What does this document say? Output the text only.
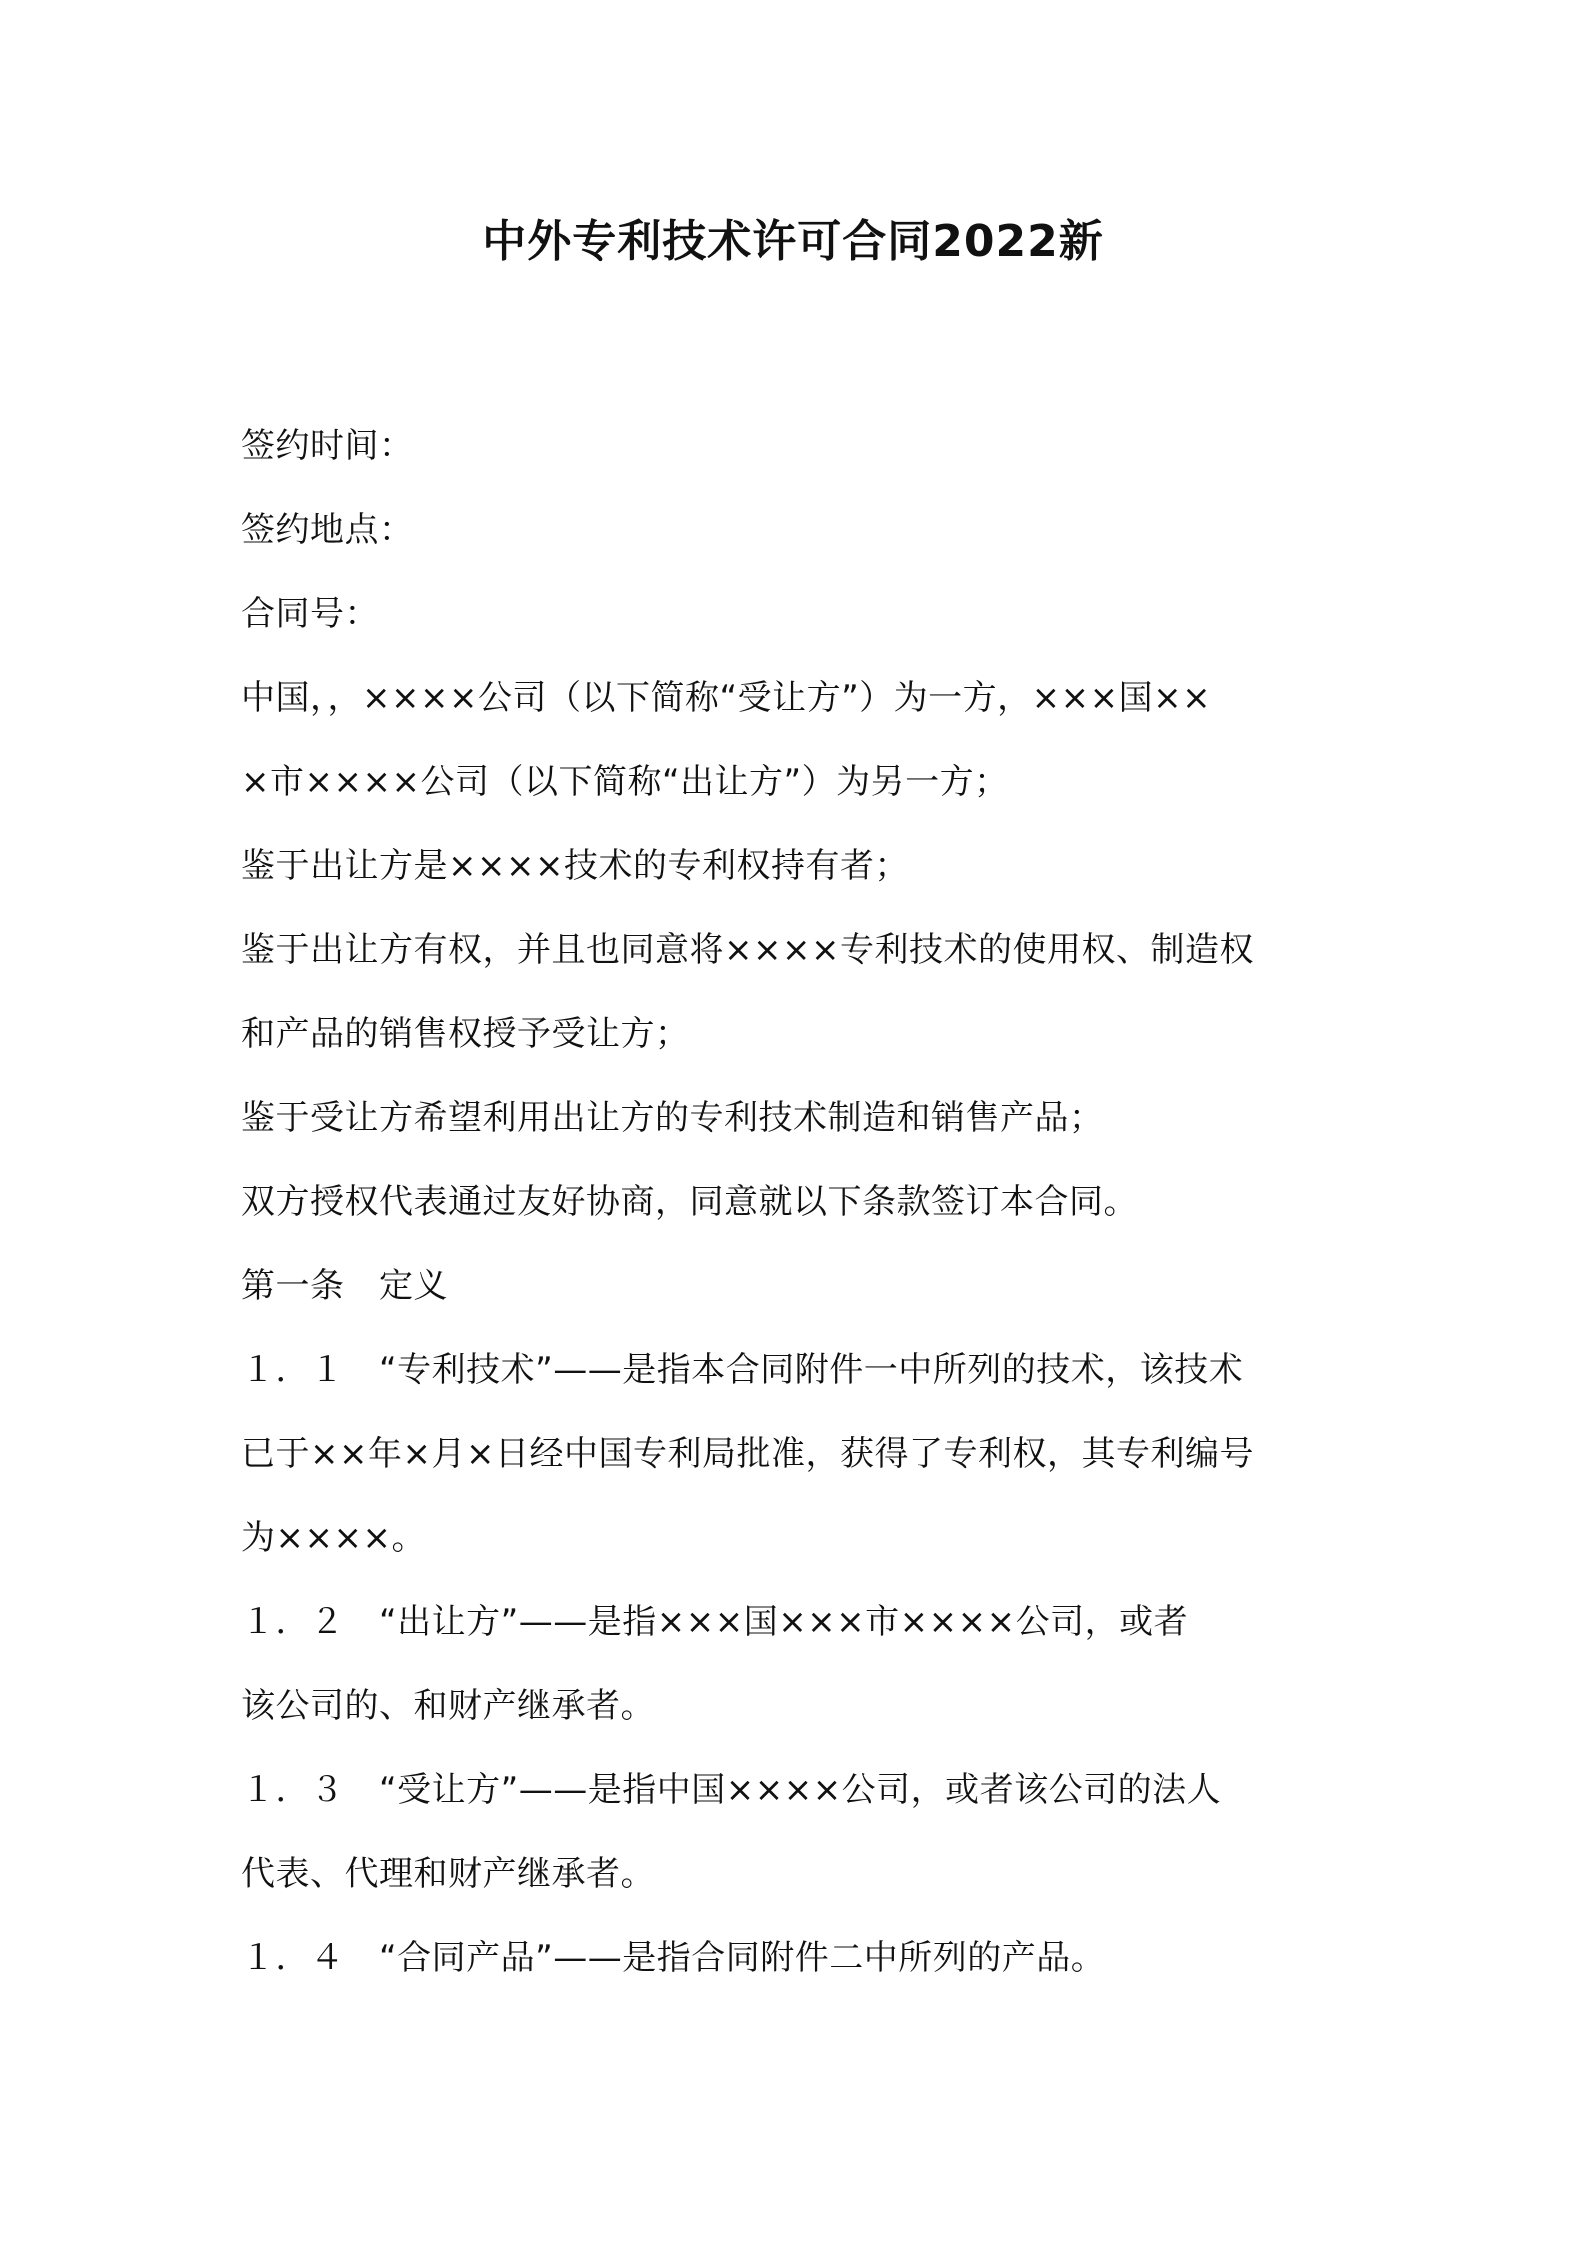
中外专利技术许可合同2022新

签约时间：

签约地点：

合同号：

中国，，××××公司（以下简称“受让方”）为一方，×××国××

×市××××公司（以下简称“出让方”）为另一方；

鉴于出让方是××××技术的专利权持有者；

鉴于出让方有权，并且也同意将××××专利技术的使用权、制造权

和产品的销售权授予受让方；

鉴于受让方希望利用出让方的专利技术制造和销售产品；

双方授权代表通过友好协商，同意就以下条款签订本合同。

第一条　定义

１．１　“专利技术”——是指本合同附件一中所列的技术，该技术

已于××年×月×日经中国专利局批准，获得了专利权，其专利编号

为××××。

１．２　“出让方”——是指×××国×××市××××公司，或者

该公司的、和财产继承者。

１．３　“受让方”——是指中国××××公司，或者该公司的法人

代表、代理和财产继承者。

１．４　“合同产品”——是指合同附件二中所列的产品。
